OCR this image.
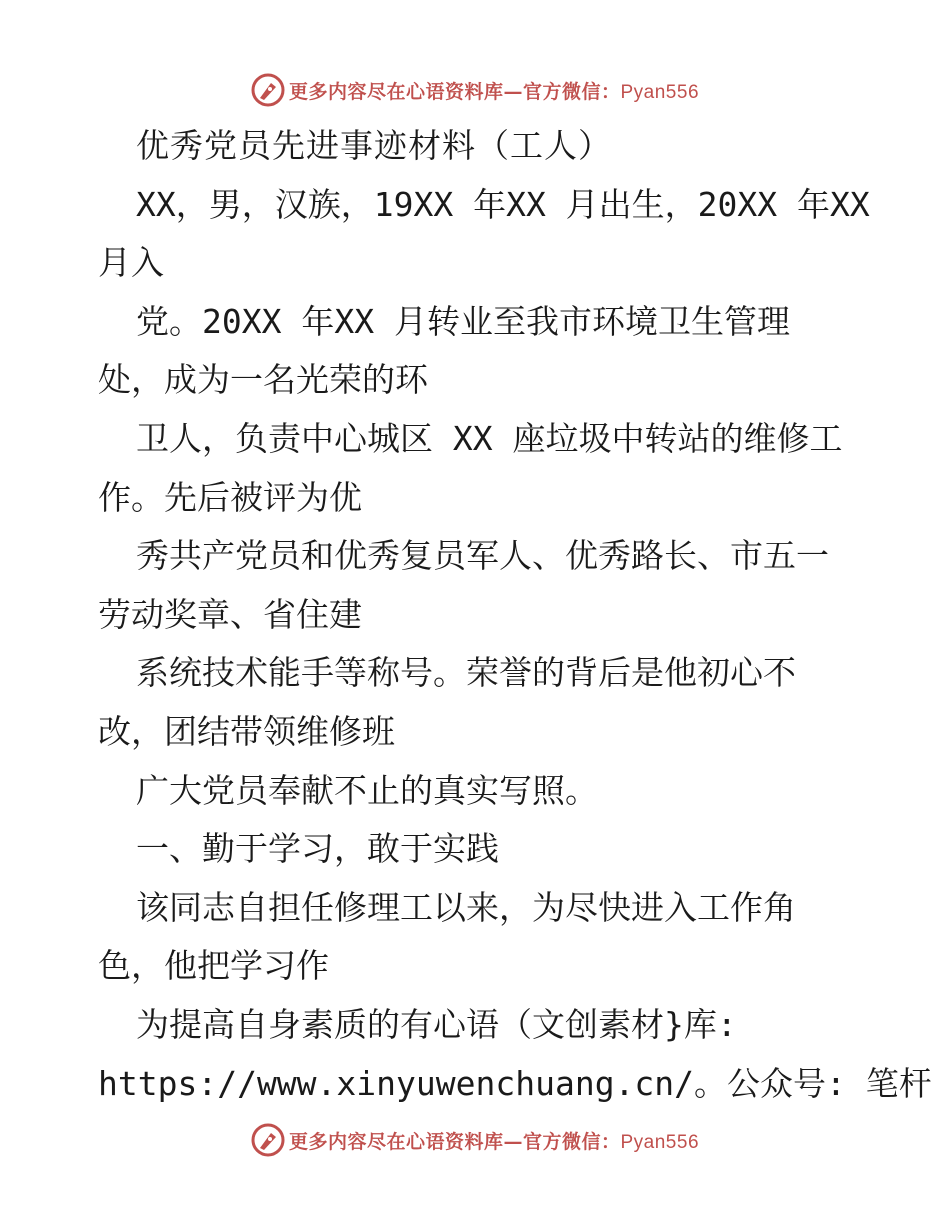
更多内容尽在心语资料库—官方微信：Pyan556
优秀党员先进事迹材料（工人）
XX，男，汉族，19XX 年XX 月出生，20XX 年XX
月入
党。20XX 年XX 月转业至我市环境卫生管理
处，成为一名光荣的环
卫人，负责中心城区 XX 座垃圾中转站的维修工
作。先后被评为优
秀共产党员和优秀复员军人、优秀路长、市五一
劳动奖章、省住建
系统技术能手等称号。荣誉的背后是他初心不
改，团结带领维修班
广大党员奉献不止的真实写照。
一、勤于学习，敢于实践
该同志自担任修理工以来，为尽快进入工作角
色，他把学习作
为提高自身素质的有心语（文创素材}库:
https://www.xinyuwenchuang.cn/。公众号: 笔杆
更多内容尽在心语资料库—官方微信：Pyan556
